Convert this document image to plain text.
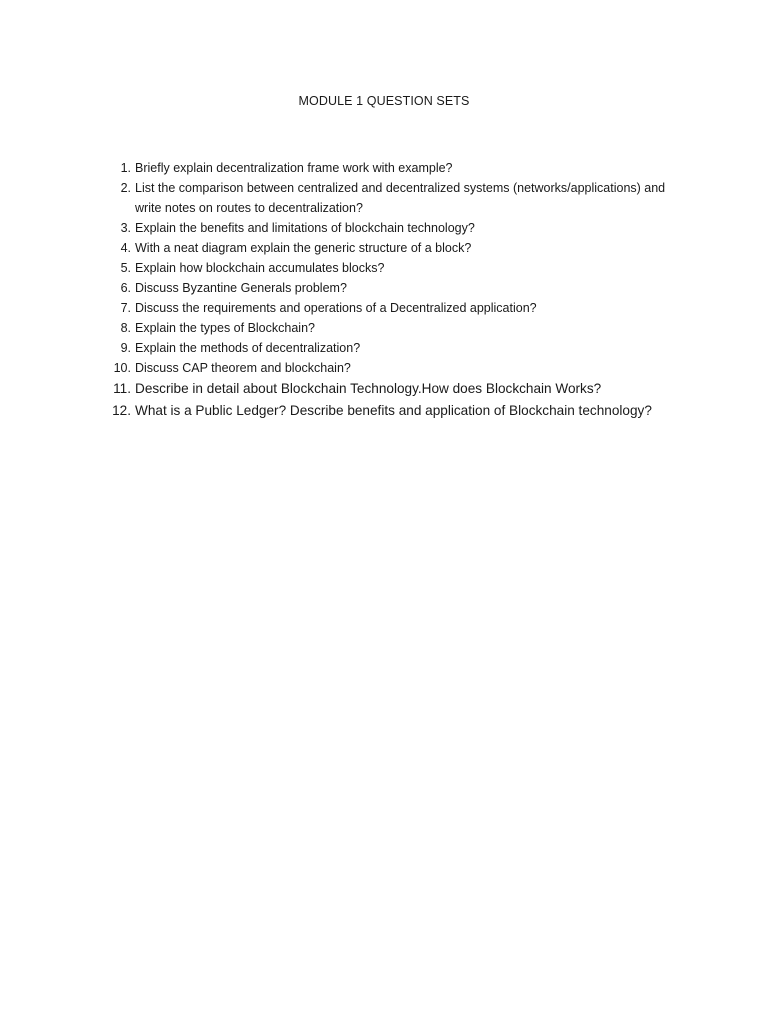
MODULE 1 QUESTION SETS
1. Briefly explain decentralization frame work with example?
2. List the comparison between centralized and decentralized systems (networks/applications) and write notes on routes to decentralization?
3. Explain the benefits and limitations of blockchain technology?
4. With a neat diagram explain the generic structure of a block?
5. Explain how blockchain accumulates blocks?
6. Discuss Byzantine Generals problem?
7. Discuss the requirements and operations of a Decentralized application?
8. Explain the types of Blockchain?
9. Explain the methods of decentralization?
10. Discuss CAP theorem and blockchain?
11. Describe in detail about Blockchain Technology.How does Blockchain Works?
12. What is a Public Ledger? Describe benefits and application of Blockchain technology?
